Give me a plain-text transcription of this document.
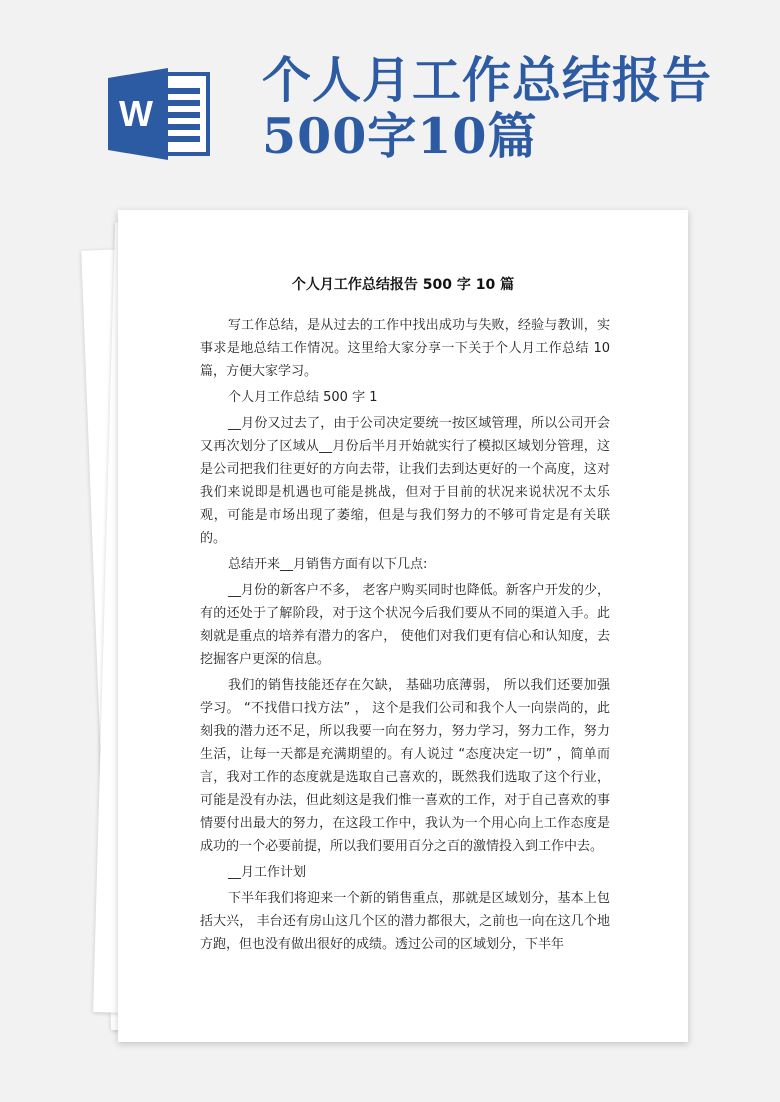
W
个人月工作总结报告500字10篇
个人月工作总结报告 500 字 10 篇

写工作总结，是从过去的工作中找出成功与失败，经验与教训，实事求是地总结工作情况。这里给大家分享一下关于个人月工作总结 10 篇，方便大家学习。

个人月工作总结 500 字 1

__月份又过去了，由于公司决定要统一按区域管理，所以公司开会又再次划分了区域从__月份后半月开始就实行了模拟区域划分管理，这是公司把我们往更好的方向去带，让我们去到达更好的一个高度，这对我们来说即是机遇也可能是挑战，但对于目前的状况来说状况不太乐观，可能是市场出现了萎缩，但是与我们努力的不够可肯定是有关联的。

总结开来__月销售方面有以下几点:

__月份的新客户不多， 老客户购买同时也降低。新客户开发的少，有的还处于了解阶段，对于这个状况今后我们要从不同的渠道入手。此刻就是重点的培养有潜力的客户， 使他们对我们更有信心和认知度，去挖掘客户更深的信息。

我们的销售技能还存在欠缺， 基础功底薄弱， 所以我们还要加强学习。 “不找借口找方法” ， 这个是我们公司和我个人一向崇尚的，此刻我的潜力还不足，所以我要一向在努力，努力学习，努力工作，努力生活，让每一天都是充满期望的。有人说过 “态度决定一切” ，简单而言，我对工作的态度就是选取自己喜欢的，既然我们选取了这个行业，可能是没有办法，但此刻这是我们惟一喜欢的工作，对于自己喜欢的事情要付出最大的努力，在这段工作中，我认为一个用心向上工作态度是成功的一个必要前提，所以我们要用百分之百的激情投入到工作中去。

__月工作计划

下半年我们将迎来一个新的销售重点，那就是区域划分，基本上包括大兴， 丰台还有房山这几个区的潜力都很大，之前也一向在这几个地方跑，但也没有做出很好的成绩。透过公司的区域划分，下半年
